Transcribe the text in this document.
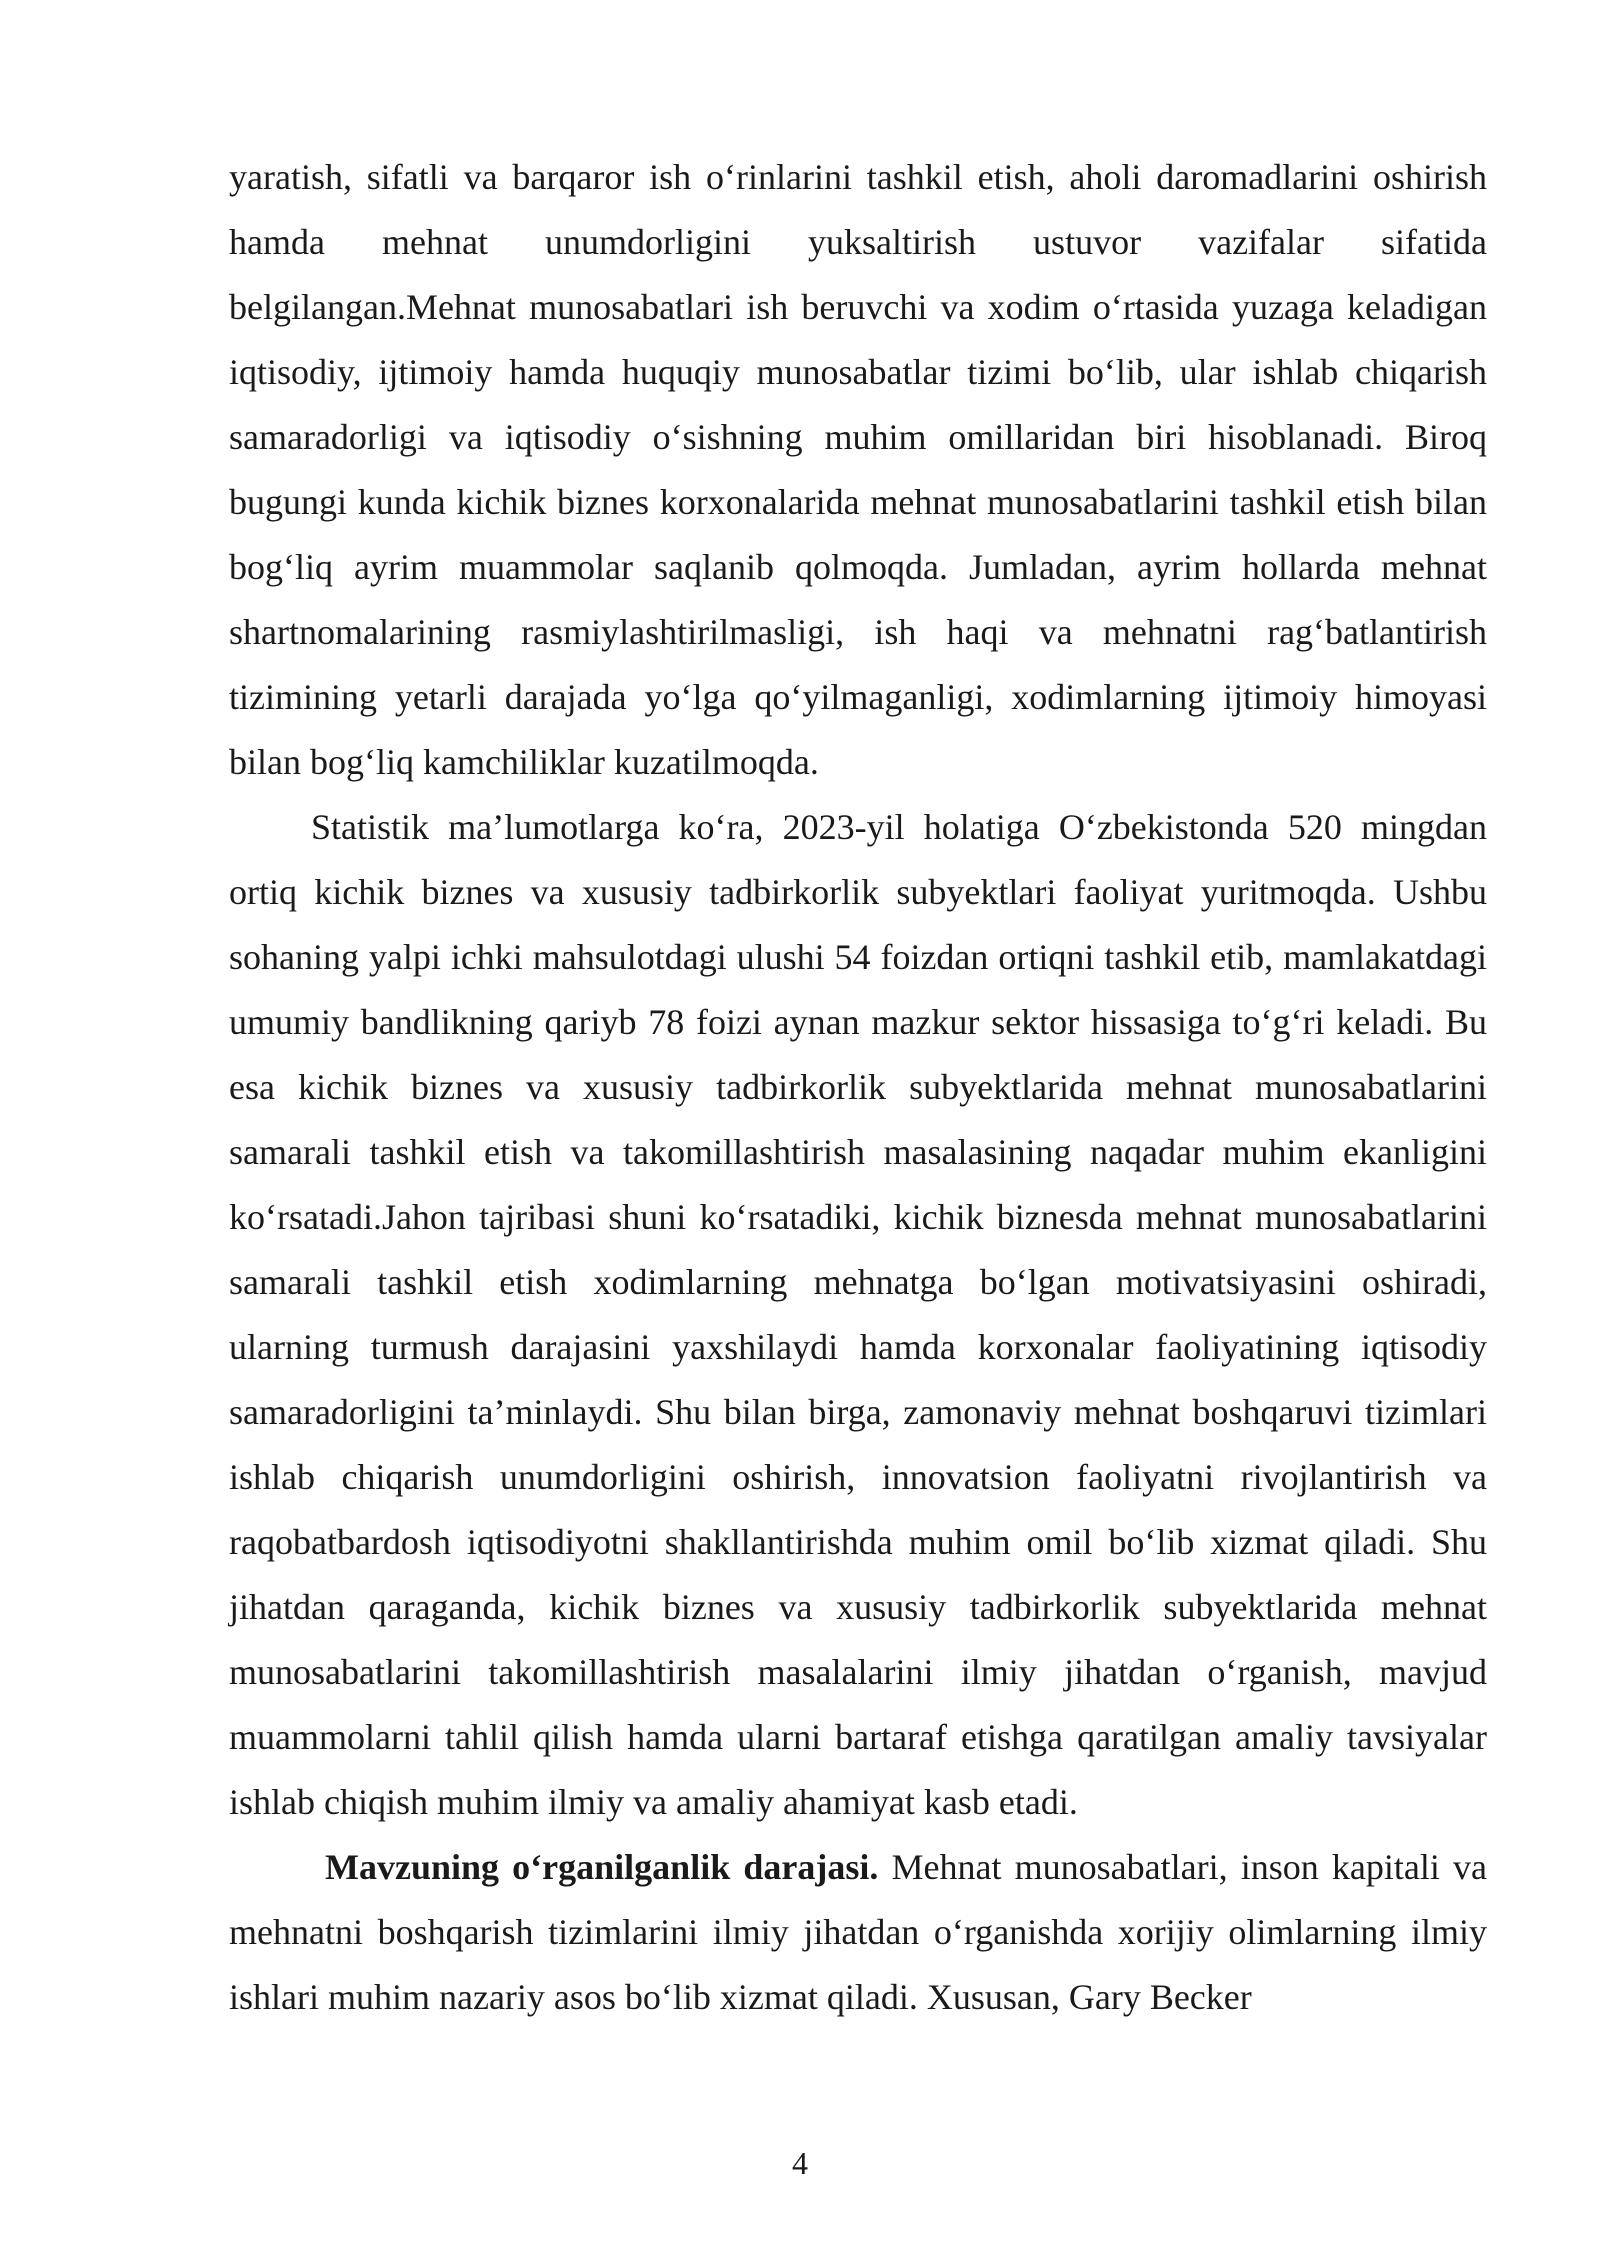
yaratish, sifatli va barqaror ish o‘rinlarini tashkil etish, aholi daromadlarini oshirish hamda mehnat unumdorligini yuksaltirish ustuvor vazifalar sifatida belgilangan.Mehnat munosabatlari ish beruvchi va xodim o‘rtasida yuzaga keladigan iqtisodiy, ijtimoiy hamda huquqiy munosabatlar tizimi bo‘lib, ular ishlab chiqarish samaradorligi va iqtisodiy o‘sishning muhim omillaridan biri hisoblanadi. Biroq bugungi kunda kichik biznes korxonalarida mehnat munosabatlarini tashkil etish bilan bog‘liq ayrim muammolar saqlanib qolmoqda. Jumladan, ayrim hollarda mehnat shartnomalarining rasmiylashtirilmasligi, ish haqi va mehnatni rag‘batlantirish tizimining yetarli darajada yo‘lga qo‘yilmaganligi, xodimlarning ijtimoiy himoyasi bilan bog‘liq kamchiliklar kuzatilmoqda.

Statistik ma’lumotlarga ko‘ra, 2023-yil holatiga O‘zbekistonda 520 mingdan ortiq kichik biznes va xususiy tadbirkorlik subyektlari faoliyat yuritmoqda. Ushbu sohaning yalpi ichki mahsulotdagi ulushi 54 foizdan ortiqni tashkil etib, mamlakatdagi umumiy bandlikning qariyb 78 foizi aynan mazkur sektor hissasiga to‘g‘ri keladi. Bu esa kichik biznes va xususiy tadbirkorlik subyektlarida mehnat munosabatlarini samarali tashkil etish va takomillashtirish masalasining naqadar muhim ekanligini ko‘rsatadi.Jahon tajribasi shuni ko‘rsatadiki, kichik biznesda mehnat munosabatlarini samarali tashkil etish xodimlarning mehnatga bo‘lgan motivatsiyasini oshiradi, ularning turmush darajasini yaxshilaydi hamda korxonalar faoliyatining iqtisodiy samaradorligini ta’minlaydi. Shu bilan birga, zamonaviy mehnat boshqaruvi tizimlari ishlab chiqarish unumdorligini oshirish, innovatsion faoliyatni rivojlantirish va raqobatbardosh iqtisodiyotni shakllantirishda muhim omil bo‘lib xizmat qiladi. Shu jihatdan qaraganda, kichik biznes va xususiy tadbirkorlik subyektlarida mehnat munosabatlarini takomillashtirish masalalarini ilmiy jihatdan o‘rganish, mavjud muammolarni tahlil qilish hamda ularni bartaraf etishga qaratilgan amaliy tavsiyalar ishlab chiqish muhim ilmiy va amaliy ahamiyat kasb etadi.

Mavzuning o‘rganilganlik darajasi. Mehnat munosabatlari, inson kapitali va mehnatni boshqarish tizimlarini ilmiy jihatdan o‘rganishda xorijiy olimlarning ilmiy ishlari muhim nazariy asos bo‘lib xizmat qiladi. Xususan, Gary Becker

4
